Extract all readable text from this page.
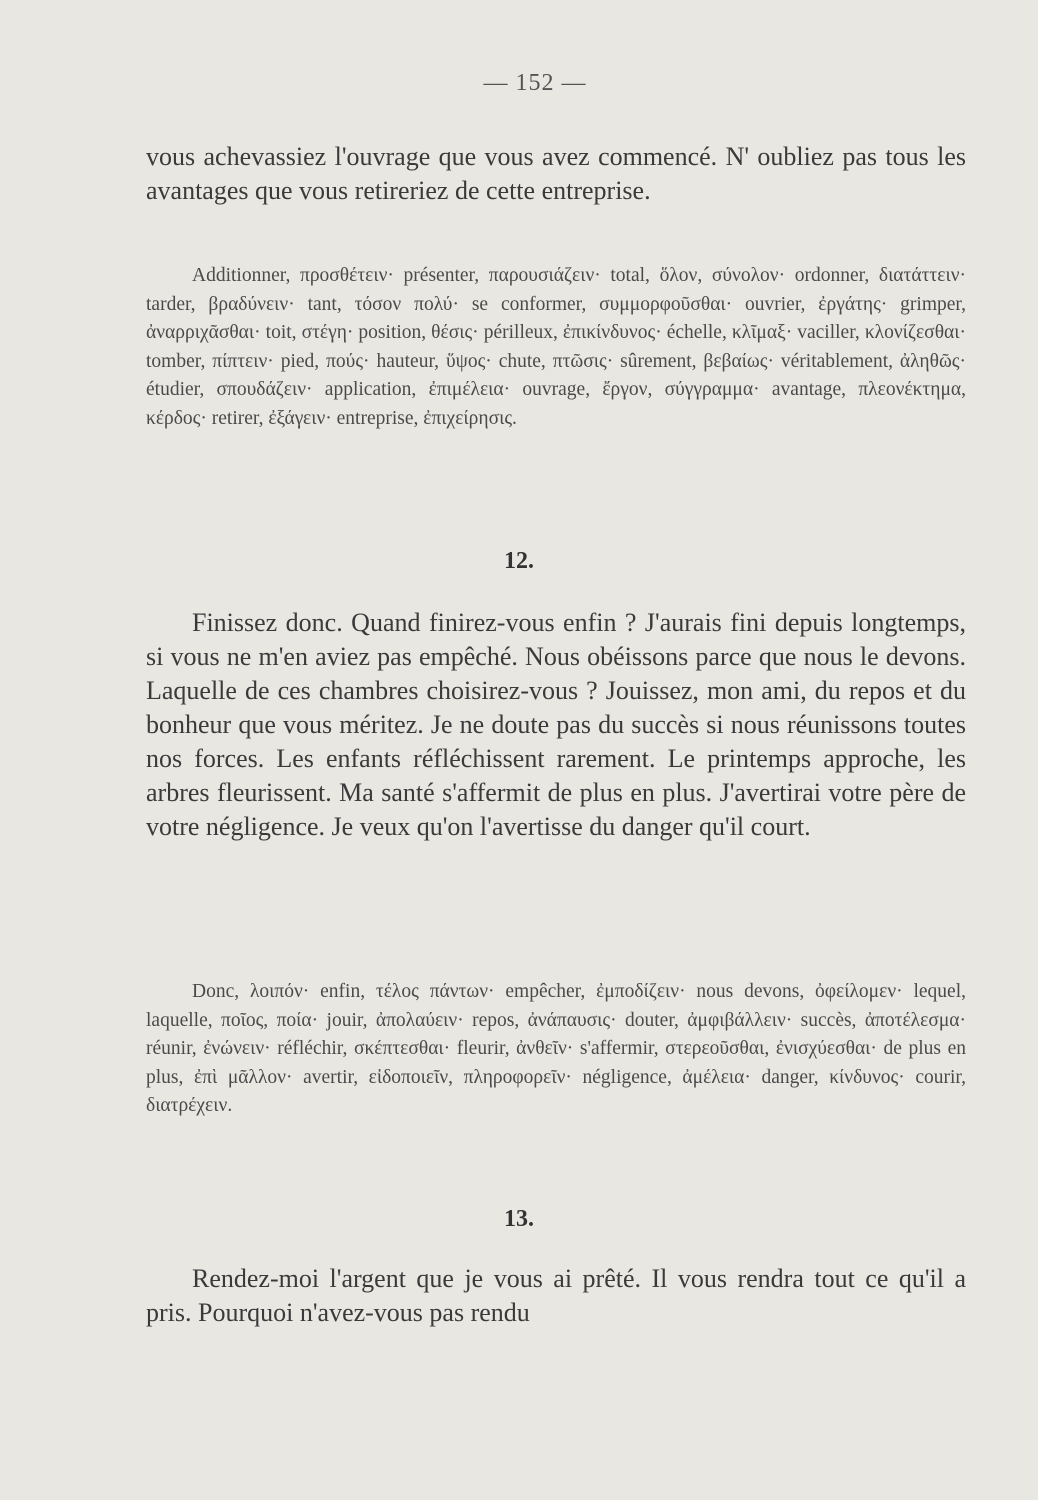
— 152 —
vous achevassiez l'ouvrage que vous avez commencé. N' oubliez pas tous les avantages que vous retireriez de cette entreprise.
Additionner, προσθέτειν· présenter, παρουσιάζειν· total, ὅλον, σύνολον· ordonner, διατάττειν· tarder, βραδύνειν· tant, τόσον πολύ· se conformer, συμμορφοῦσθαι· ouvrier, ἐργάτης· grimper, ἀναρριχᾶσθαι· toit, στέγη· position, θέσις· périlleux, ἐπικίνδυνος· échelle, κλῖμαξ· vaciller, κλονίζεσθαι· tomber, πίπτειν· pied, πούς· hauteur, ὕψος· chute, πτῶσις· sûrement, βεβαίως· véritablement, ἀληθῶς· étudier, σπουδάζειν· application, ἐπιμέλεια· ouvrage, ἔργον, σύγγραμμα· avantage, πλεονέκτημα, κέρδος· retirer, ἐξάγειν· entreprise, ἐπιχείρησις.
12.
Finissez donc. Quand finirez-vous enfin ? J'aurais fini depuis longtemps, si vous ne m'en aviez pas empêché. Nous obéissons parce que nous le devons. Laquelle de ces chambres choisirez-vous ? Jouissez, mon ami, du repos et du bonheur que vous méritez. Je ne doute pas du succès si nous réunissons toutes nos forces. Les enfants réfléchissent rarement. Le printemps approche, les arbres fleurissent. Ma santé s'affermit de plus en plus. J'avertirai votre père de votre négligence. Je veux qu'on l'avertisse du danger qu'il court.
Donc, λοιπόν· enfin, τέλος πάντων· empêcher, ἐμποδίζειν· nous devons, ὀφείλομεν· lequel, laquelle, ποῖος, ποία· jouir, ἀπολαύειν· repos, ἀνάπαυσις· douter, ἀμφιβάλλειν· succès, ἀποτέλεσμα· réunir, ἐνώνειν· réfléchir, σκέπτεσθαι· fleurir, ἀνθεῖν· s'affermir, στερεοῦσθαι, ἐνισχύεσθαι· de plus en plus, ἐπὶ μᾶλλον· avertir, εἰδοποιεῖν, πληροφορεῖν· négligence, ἀμέλεια· danger, κίνδυνος· courir, διατρέχειν.
13.
Rendez-moi l'argent que je vous ai prêté. Il vous rendra tout ce qu'il a pris. Pourquoi n'avez-vous pas rendu
